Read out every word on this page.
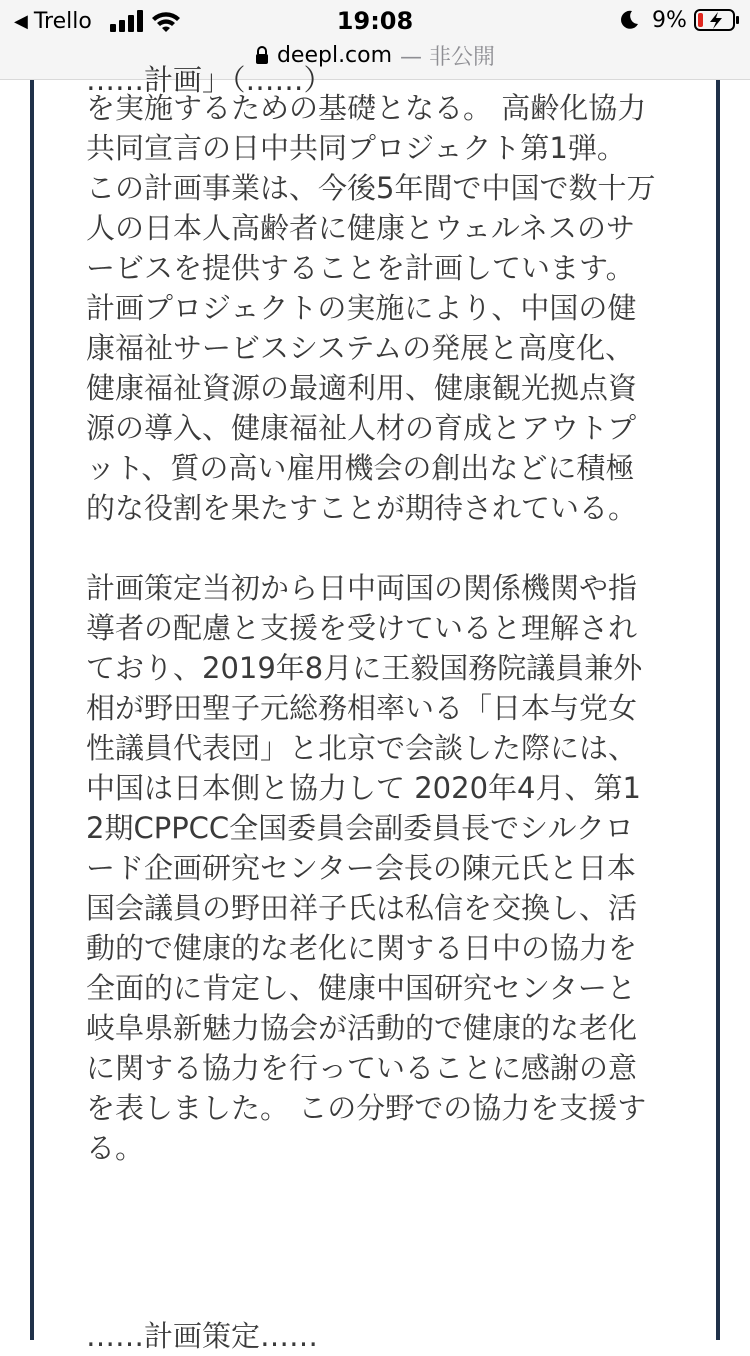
◀ Trello	19:08	9%
deepl.com — 非公開
……計画」（……）

を実施するための基礎となる。 高齢化協力共同宣言の日中共同プロジェクト第1弾。 この計画事業は、今後5年間で中国で数十万人の日本人高齢者に健康とウェルネスのサービスを提供することを計画しています。 計画プロジェクトの実施により、中国の健康福祉サービスシステムの発展と高度化、健康福祉資源の最適利用、健康観光拠点資源の導入、健康福祉人材の育成とアウトプット、質の高い雇用機会の創出などに積極的な役割を果たすことが期待されている。

計画策定当初から日中両国の関係機関や指導者の配慮と支援を受けていると理解されており、2019年8月に王毅国務院議員兼外相が野田聖子元総務相率いる「日本与党女性議員代表団」と北京で会談した際には、中国は日本側と協力して 2020年4月、第12期CPPCC全国委員会副委員長でシルクロード企画研究センター会長の陳元氏と日本国会議員の野田祥子氏は私信を交換し、活動的で健康的な老化に関する日中の協力を全面的に肯定し、健康中国研究センターと岐阜県新魅力協会が活動的で健康的な老化に関する協力を行っていることに感謝の意を表しました。 この分野での協力を支援する。

……計画策定……
